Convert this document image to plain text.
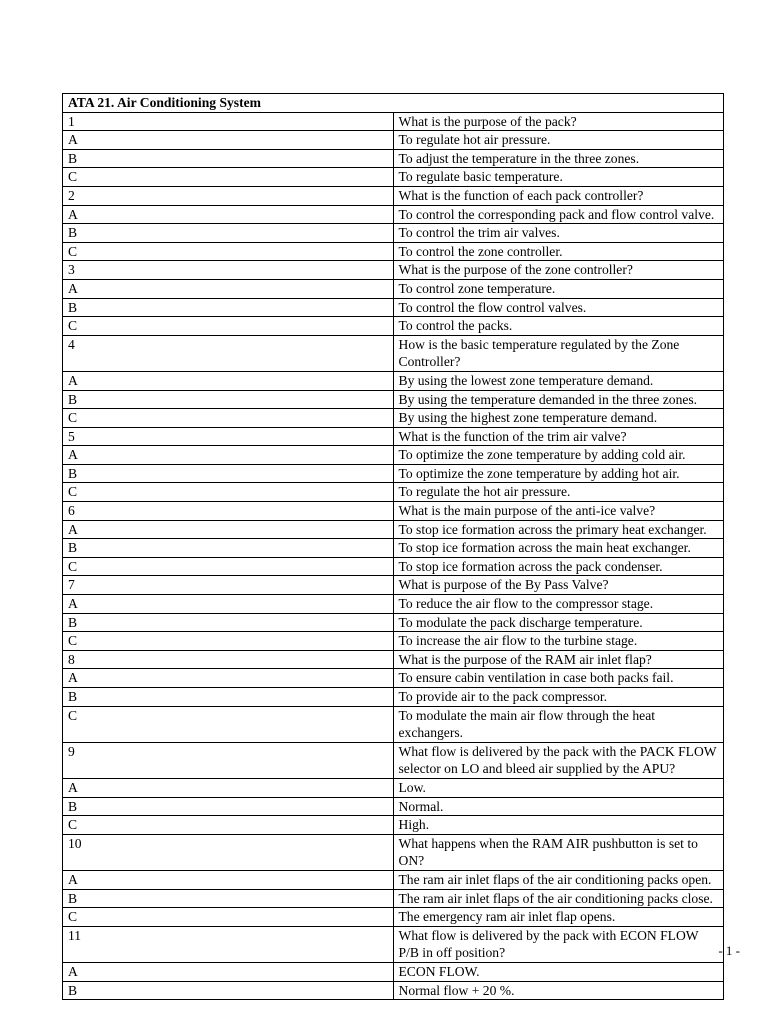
ATA 21. Air Conditioning System	
1	What is the purpose of the pack?
A	To regulate hot air pressure.
B	To adjust the temperature in the three zones.
C	To regulate basic temperature.
2	What is the function of each pack controller?
A	To control the corresponding pack and flow control valve.
B	To control the trim air valves.
C	To control the zone controller.
3	What is the purpose of the zone controller?
A	To control zone temperature.
B	To control the flow control valves.
C	To control the packs.
4	How is the basic temperature regulated by the Zone Controller?
A	By using the lowest zone temperature demand.
B	By using the temperature demanded in the three zones.
C	By using the highest zone temperature demand.
5	What is the function of the trim air valve?
A	To optimize the zone temperature by adding cold air.
B	To optimize the zone temperature by adding hot air.
C	To regulate the hot air pressure.
6	What is the main purpose of the anti-ice valve?
A	To stop ice formation across the primary heat exchanger.
B	To stop ice formation across the main heat exchanger.
C	To stop ice formation across the pack condenser.
7	What is purpose of the By Pass Valve?
A	To reduce the air flow to the compressor stage.
B	To modulate the pack discharge temperature.
C	To increase the air flow to the turbine stage.
8	What is the purpose of the RAM air inlet flap?
A	To ensure cabin ventilation in case both packs fail.
B	To provide air to the pack compressor.
C	To modulate the main air flow through the heat exchangers.
9	What flow is delivered by the pack with the PACK FLOW selector on LO and bleed air supplied by the APU?
A	Low.
B	Normal.
C	High.
10	What happens when the RAM AIR pushbutton is set to ON?
A	The ram air inlet flaps of the air conditioning packs open.
B	The ram air inlet flaps of the air conditioning packs close.
C	The emergency ram air inlet flap opens.
11	What flow is delivered by the pack with ECON FLOW P/B in off position?
A	ECON FLOW.
B	Normal flow + 20 %.
- 1 -
